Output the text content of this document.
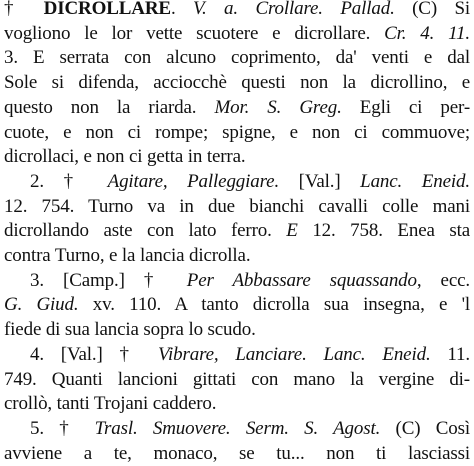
† DICROLLARE. V. a. Crollare. Pallad. (C) Si
vogliono le lor vette scuotere e dicrollare. Cr. 4. 11.
3. E serrata con alcuno coprimento, da' venti e dal
Sole si difenda, acciocchè questi non la dicrollino, e
questo non la riarda. Mor. S. Greg. Egli ci per-
cuote, e non ci rompe; spigne, e non ci commuove;
dicrollaci, e non ci getta in terra.
2. † Agitare, Palleggiare. [Val.] Lanc. Eneid.
12. 754. Turno va in due bianchi cavalli colle mani
dicrollando aste con lato ferro. E 12. 758. Enea sta
contra Turno, e la lancia dicrolla.
3. [Camp.] † Per Abbassare squassando, ecc.
G. Giud. xv. 110. A tanto dicrolla sua insegna, e 'l
fiede di sua lancia sopra lo scudo.
4. [Val.] † Vibrare, Lanciare. Lanc. Eneid. 11.
749. Quanti lancioni gittati con mano la vergine di-
crollò, tanti Trojani caddero.
5. † Trasl. Smuovere. Serm. S. Agost. (C) Così
avviene a te, monaco, se tu... non ti lasciassi
